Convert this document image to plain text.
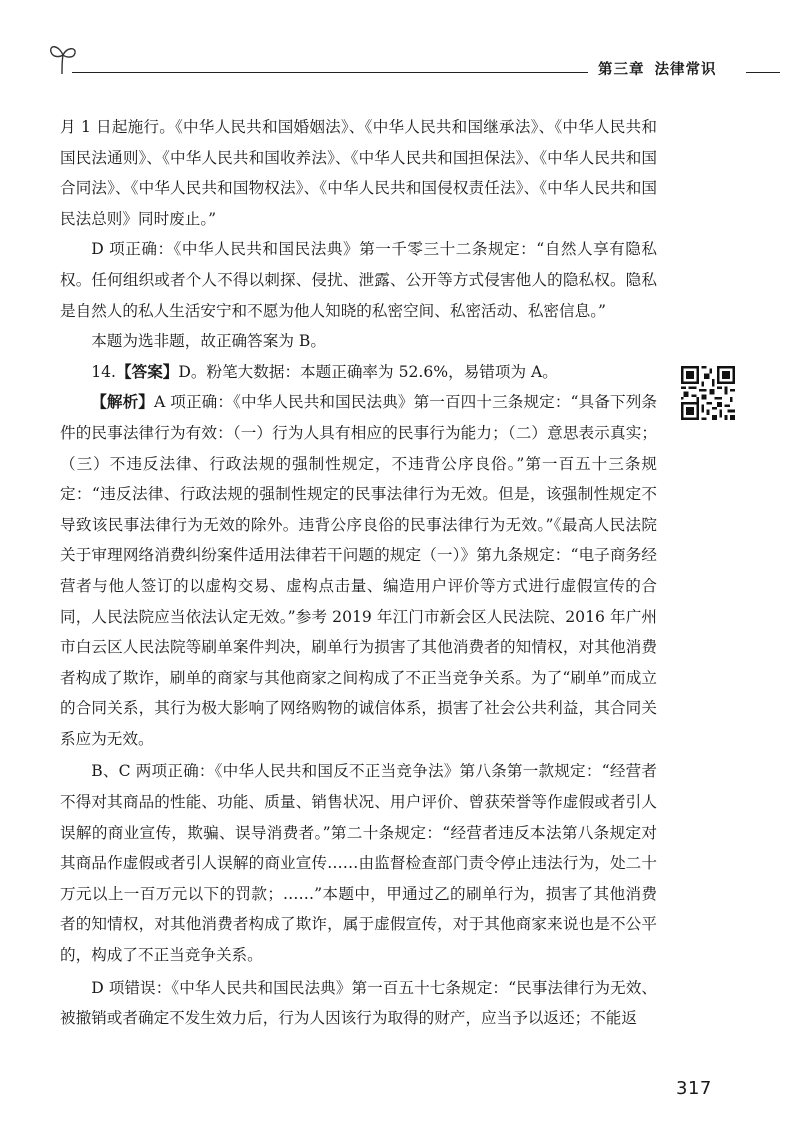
第三章 法律常识

月 1 日起施行。《中华人民共和国婚姻法》、《中华人民共和国继承法》、《中华人民共和国民法通则》、《中华人民共和国收养法》、《中华人民共和国担保法》、《中华人民共和国合同法》、《中华人民共和国物权法》、《中华人民共和国侵权责任法》、《中华人民共和国民法总则》同时废止。”

D 项正确：《中华人民共和国民法典》第一千零三十二条规定：“自然人享有隐私权。任何组织或者个人不得以刺探、侵扰、泄露、公开等方式侵害他人的隐私权。隐私是自然人的私人生活安宁和不愿为他人知晓的私密空间、私密活动、私密信息。”

本题为选非题，故正确答案为 B。

14.【答案】D。粉笔大数据：本题正确率为 52.6%，易错项为 A。

【解析】A 项正确：《中华人民共和国民法典》第一百四十三条规定：“具备下列条件的民事法律行为有效：（一）行为人具有相应的民事行为能力；（二）意思表示真实；（三）不违反法律、行政法规的强制性规定，不违背公序良俗。”第一百五十三条规定：“违反法律、行政法规的强制性规定的民事法律行为无效。但是，该强制性规定不导致该民事法律行为无效的除外。违背公序良俗的民事法律行为无效。”《最高人民法院关于审理网络消费纠纷案件适用法律若干问题的规定（一）》第九条规定：“电子商务经营者与他人签订的以虚构交易、虚构点击量、编造用户评价等方式进行虚假宣传的合同，人民法院应当依法认定无效。”参考 2019 年江门市新会区人民法院、2016 年广州市白云区人民法院等刷单案件判决，刷单行为损害了其他消费者的知情权，对其他消费者构成了欺诈，刷单的商家与其他商家之间构成了不正当竞争关系。为了“刷单”而成立的合同关系，其行为极大影响了网络购物的诚信体系，损害了社会公共利益，其合同关系应为无效。

B、C 两项正确：《中华人民共和国反不正当竞争法》第八条第一款规定：“经营者不得对其商品的性能、功能、质量、销售状况、用户评价、曾获荣誉等作虚假或者引人误解的商业宣传，欺骗、误导消费者。”第二十条规定：“经营者违反本法第八条规定对其商品作虚假或者引人误解的商业宣传……由监督检查部门责令停止违法行为，处二十万元以上一百万元以下的罚款；……”本题中，甲通过乙的刷单行为，损害了其他消费者的知情权，对其他消费者构成了欺诈，属于虚假宣传，对于其他商家来说也是不公平的，构成了不正当竞争关系。

D 项错误：《中华人民共和国民法典》第一百五十七条规定：“民事法律行为无效、被撤销或者确定不发生效力后，行为人因该行为取得的财产，应当予以返还；不能返

317
